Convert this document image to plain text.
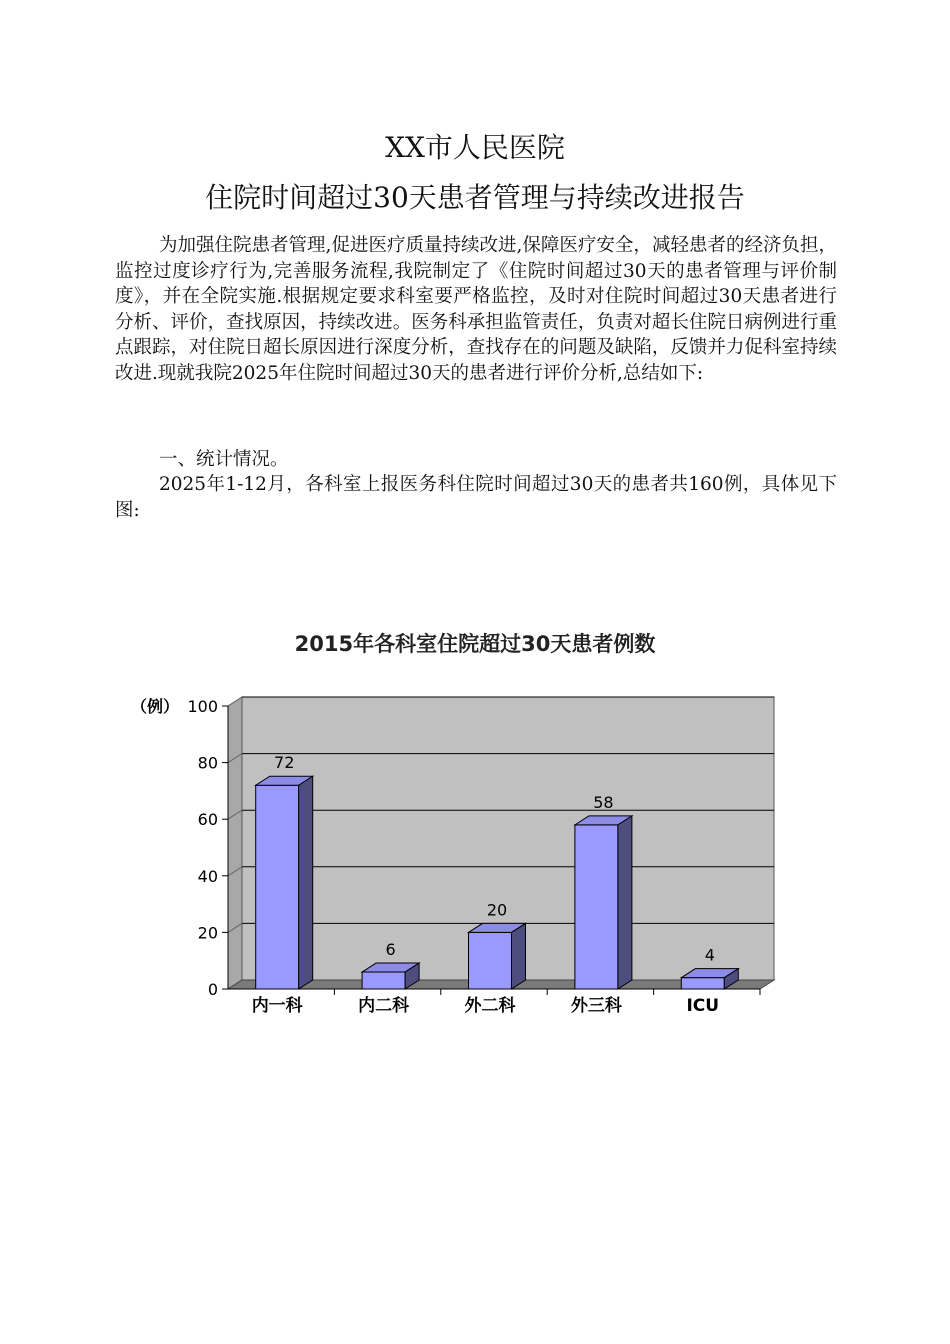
XX市人民医院
住院时间超过30天患者管理与持续改进报告

为加强住院患者管理,促进医疗质量持续改进,保障医疗安全，减轻患者的经济负担，监控过度诊疗行为,完善服务流程,我院制定了《住院时间超过30天的患者管理与评价制度》，并在全院实施.根据规定要求科室要严格监控，及时对住院时间超过30天患者进行分析、评价，查找原因，持续改进。医务科承担监管责任，负责对超长住院日病例进行重点跟踪，对住院日超长原因进行深度分析，查找存在的问题及缺陷，反馈并力促科室持续改进.现就我院2025年住院时间超过30天的患者进行评价分析,总结如下:

一、统计情况。

2025年1-12月，各科室上报医务科住院时间超过30天的患者共160例，具体见下图:

2015年各科室住院超过30天患者例数
0
20
40
60
80
100
（例）
72
内一科
6
内二科
20
外二科
58
外三科
4
ICU
